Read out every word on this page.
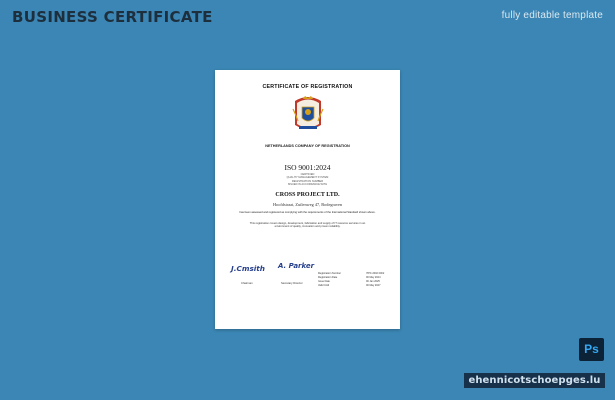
BUSINESS CERTIFICATE	fully editable template
CERTIFICATE OF REGISTRATION
NETHERLANDS COMPANY OF REGISTRATION
ISO 9001:2024
CERTIFIED
QUALITY MANAGEMENT SYSTEM
REGISTRATION NUMBER
ISSUED IN ACCORDANCE WITH
CROSS PROJECT LTD.
Hoofdstraat, Zuilenweg 47, Bodegraven
has been assessed and registered as complying with the requirements of the International Standard shown above.
This registration covers design, development, fabrication and supply of IT resource services in an
environment of quality, innovation and proven reliability.
J.Cmsith A. Parker
Chairman	Secretary Director
Registration Number	ITPC 2002 0002
Registration Date	00 May 2024
Issue Date	00 Jan 2025
Valid Until	00 May 2027
Ps
ehennicotschoepges.lu
